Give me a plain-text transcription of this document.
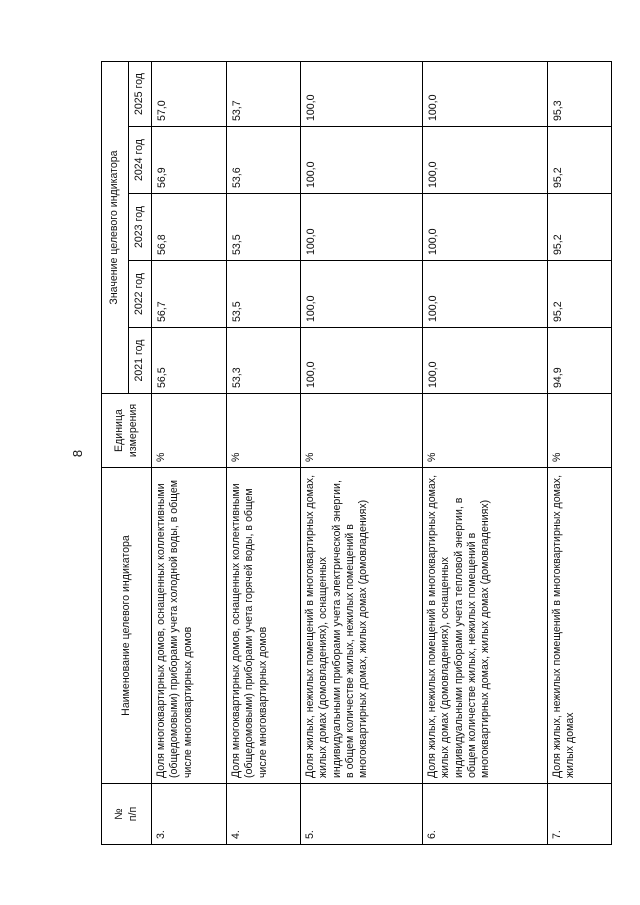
8
№
п/п	Наименование целевого индикатора	Единица измерения	Значение целевого индикатора				
			2021 год	2022 год	2023 год	2024 год	2025 год
3.	Доля многоквартирных домов, оснащенных коллективными (общедомовыми) приборами учета холодной воды, в общем числе многоквартирных домов	%	56,5	56,7	56,8	56,9	57,0
4.	Доля многоквартирных домов, оснащенных коллективными (общедомовыми) приборами учета горячей воды, в общем числе многоквартирных домов	%	53,3	53,5	53,5	53,6	53,7
5.	Доля жилых, нежилых помещений в многоквартирных домах, жилых домах (домовладениях), оснащенных индивидуальными приборами учета электрической энергии, в общем количестве жилых, нежилых помещений в многоквартирных домах, жилых домах (домовладениях)	%	100,0	100,0	100,0	100,0	100,0
6.	Доля жилых, нежилых помещений в многоквартирных домах, жилых домах (домовладениях), оснащенных индивидуальными приборами учета тепловой энергии, в общем количестве жилых, нежилых помещений в многоквартирных домах, жилых домах (домовладениях)	%	100,0	100,0	100,0	100,0	100,0
7.	Доля жилых, нежилых помещений в многоквартирных домах, жилых домах	%	94,9	95,2	95,2	95,2	95,3
